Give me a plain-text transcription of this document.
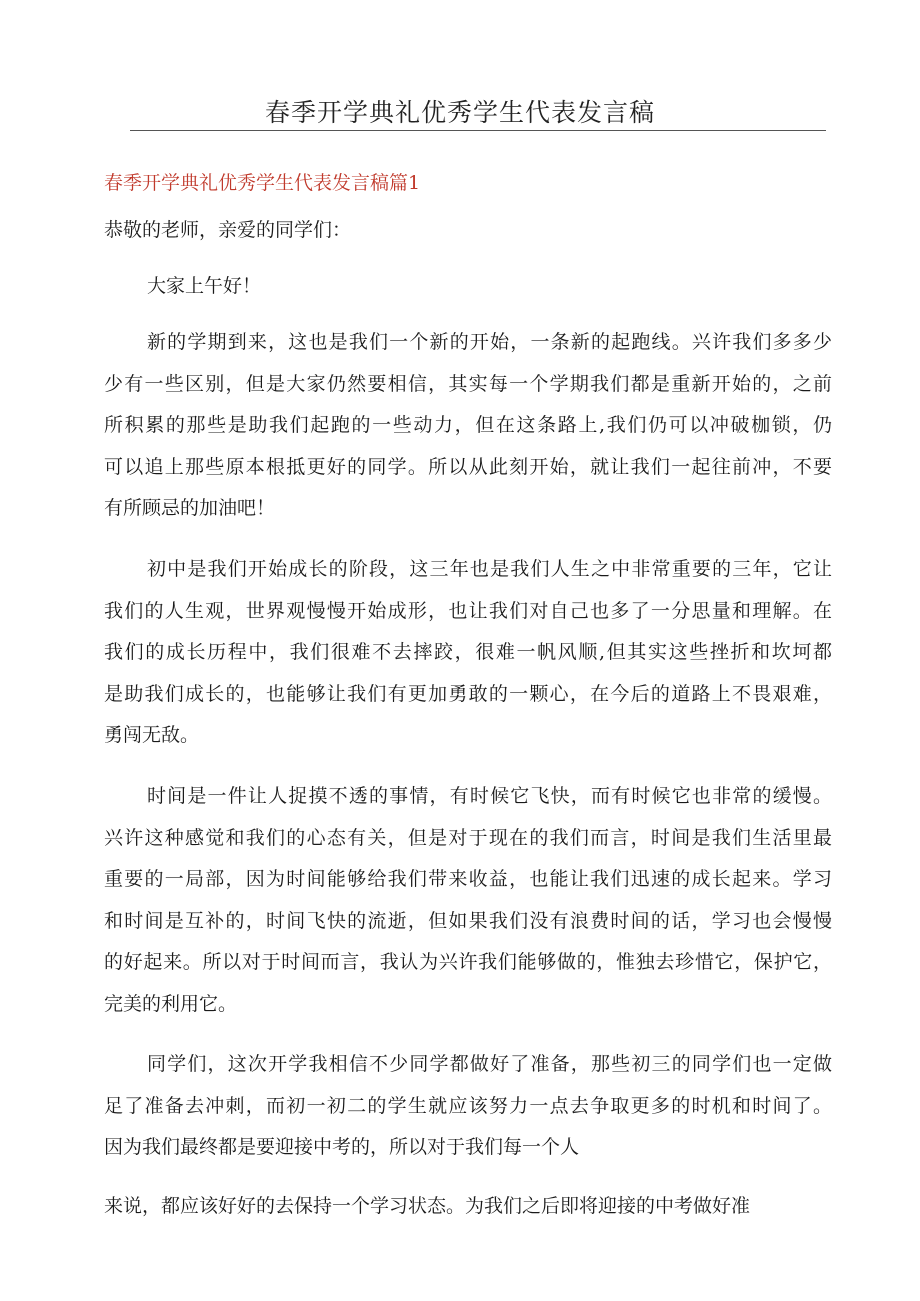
春季开学典礼优秀学生代表发言稿
春季开学典礼优秀学生代表发言稿篇1

恭敬的老师，亲爱的同学们：

大家上午好！

新的学期到来，这也是我们一个新的开始，一条新的起跑线。兴许我们多多少
少有一些区别，但是大家仍然要相信，其实每一个学期我们都是重新开始的，之前
所积累的那些是助我们起跑的一些动力，但在这条路上,我们仍可以冲破枷锁，仍
可以追上那些原本根抵更好的同学。所以从此刻开始，就让我们一起往前冲，不要
有所顾忌的加油吧！
初中是我们开始成长的阶段，这三年也是我们人生之中非常重要的三年，它让
我们的人生观，世界观慢慢开始成形，也让我们对自己也多了一分思量和理解。在
我们的成长历程中，我们很难不去摔跤，很难一帆风顺,但其实这些挫折和坎坷都
是助我们成长的，也能够让我们有更加勇敢的一颗心，在今后的道路上不畏艰难，
勇闯无敌。
时间是一件让人捉摸不透的事情，有时候它飞快，而有时候它也非常的缓慢。
兴许这种感觉和我们的心态有关，但是对于现在的我们而言，时间是我们生活里最
重要的一局部，因为时间能够给我们带来收益，也能让我们迅速的成长起来。学习
和时间是互补的，时间飞快的流逝，但如果我们没有浪费时间的话，学习也会慢慢
的好起来。所以对于时间而言，我认为兴许我们能够做的，惟独去珍惜它，保护它，
完美的利用它。
同学们，这次开学我相信不少同学都做好了准备，那些初三的同学们也一定做
足了准备去冲刺，而初一初二的学生就应该努力一点去争取更多的时机和时间了。
因为我们最终都是要迎接中考的，所以对于我们每一个人
来说，都应该好好的去保持一个学习状态。为我们之后即将迎接的中考做好准
